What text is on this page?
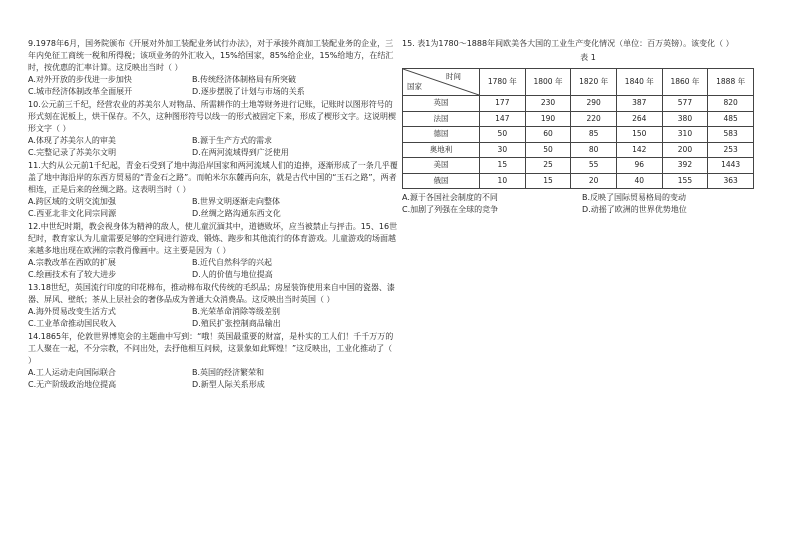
9.1978年6月，国务院颁布《开展对外加工装配业务试行办法》，对于承接外商加工装配业务的企业，三年内免征工商统一税和所得税；该项业务的外汇收入，15%给国家，85%给企业，15%给地方，在结汇时，按优惠的汇率计算。这反映出当时（ ）

A.对外开放的步伐进一步加快	B.传统经济体制格局有所突破
C.城市经济体制改革全面展开	D.逐步摆脱了计划与市场的关系

10.公元前三千纪，经营农业的苏美尔人对物品、所需耕作的土地等财务进行记账，记账时以图形符号的形式刻在泥板上，烘干保存。不久，这种图形符号以线一的形式被固定下来，形成了楔形文字。这说明楔形文字（ ）

A.体现了苏美尔人的审美	B.源于生产方式的需求
C.完整记录了苏美尔文明	D.在两河流域得到广泛使用

11.大约从公元前1千纪起，青金石受到了地中海沿岸国家和两河流域人们的追捧，逐渐形成了一条几乎覆盖了地中海沿岸的东西方贸易的“青金石之路”。而帕米尔东麓再向东，就是古代中国的“玉石之路”，两者相连，正是后来的丝绸之路。这表明当时（ ）

A.跨区域的文明交流加强	B.世界文明逐渐走向整体
C.西亚北非文化同宗同源	D.丝绸之路沟通东西文化

12.中世纪时期，教会视身体为精神的敌人，使儿童沉湎其中，道德败坏，应当被禁止与抨击。15、16世纪时，教育家认为儿童需要足够的空间进行游戏、锻炼、跑步和其他流行的体育游戏。儿童游戏的场面越来越多地出现在欧洲的宗教肖像画中。这主要是因为（ ）

A.宗教改革在西欧的扩展	B.近代自然科学的兴起
C.绘画技术有了较大进步	D.人的价值与地位提高

13.18世纪，英国流行印度的印花棉布，推动棉布取代传统的毛织品；房屋装饰使用来自中国的瓷器、漆器、屏风、壁纸；茶从上层社会的奢侈品成为普通大众消费品。这反映出当时英国（ ）

A.海外贸易改变生活方式	B.光荣革命消除等级差别
C.工业革命推动国民收入	D.殖民扩张控制商品输出

14.1865年，伦敦世界博览会的主题曲中写到：“哦！英国最重要的财富，是朴实的工人们！千千万万的工人聚在一起，不分宗教，不问出处，去抒他相互问候，这景象如此辉煌！”这反映出，工业化推动了（ ）

A.工人运动走向国际联合	B.英国的经济繁荣和
C.无产阶级政治地位提高	D.新型人际关系形成

15. 表1为1780～1888年间欧美各大国的工业生产变化情况（单位：百万英镑）。该变化（ ）

表 1
时间
国家	1780 年	1800 年	1820 年	1840 年	1860 年	1888 年
英国	177	230	290	387	577	820
法国	147	190	220	264	380	485
德国	50	60	85	150	310	583
奥地利	30	50	80	142	200	253
美国	15	25	55	96	392	1443
俄国	10	15	20	40	155	363
A.源于各国社会制度的不同	B.反映了国际贸易格局的变动
C.加剧了列强在全球的竞争	D.动摇了欧洲的世界优势地位
